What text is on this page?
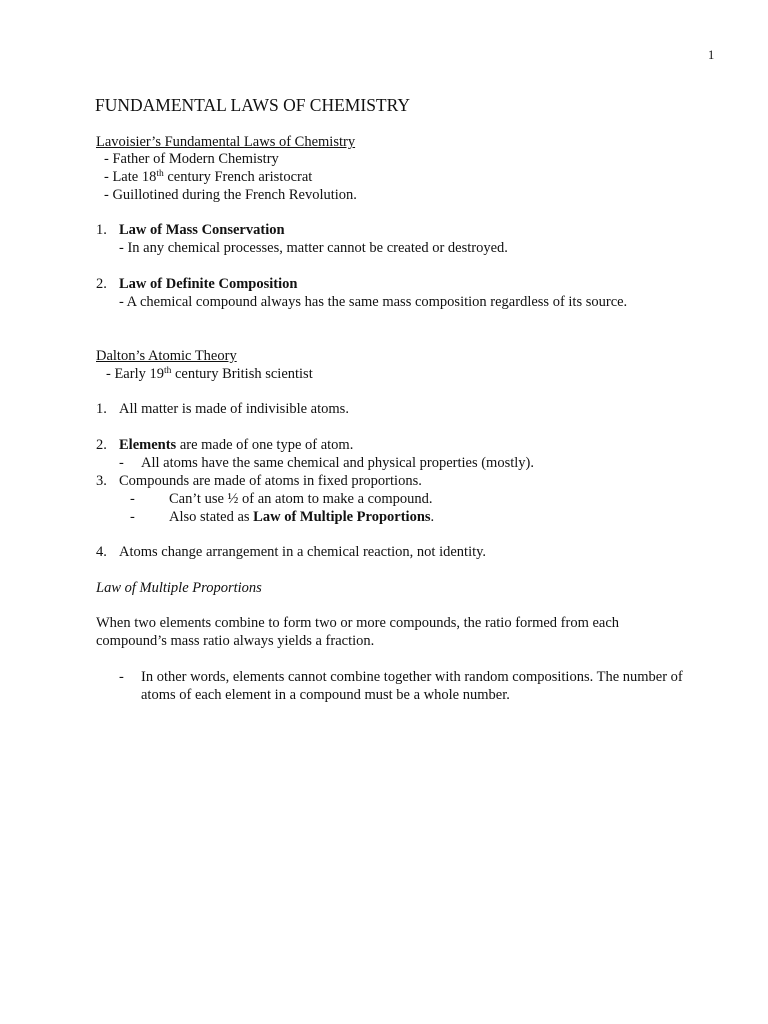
1
FUNDAMENTAL LAWS OF CHEMISTRY
Lavoisier’s Fundamental Laws of Chemistry
- Father of Modern Chemistry
- Late 18th century French aristocrat
- Guillotined during the French Revolution.
1. Law of Mass Conservation
- In any chemical processes, matter cannot be created or destroyed.
2. Law of Definite Composition
- A chemical compound always has the same mass composition regardless of its source.
Dalton’s Atomic Theory
- Early 19th century British scientist
1. All matter is made of indivisible atoms.
2. Elements are made of one type of atom.
- All atoms have the same chemical and physical properties (mostly).
3. Compounds are made of atoms in fixed proportions.
- Can’t use ½ of an atom to make a compound.
- Also stated as Law of Multiple Proportions.
4. Atoms change arrangement in a chemical reaction, not identity.
Law of Multiple Proportions
When two elements combine to form two or more compounds, the ratio formed from each
compound’s mass ratio always yields a fraction.
- In other words, elements cannot combine together with random compositions. The number of
atoms of each element in a compound must be a whole number.
